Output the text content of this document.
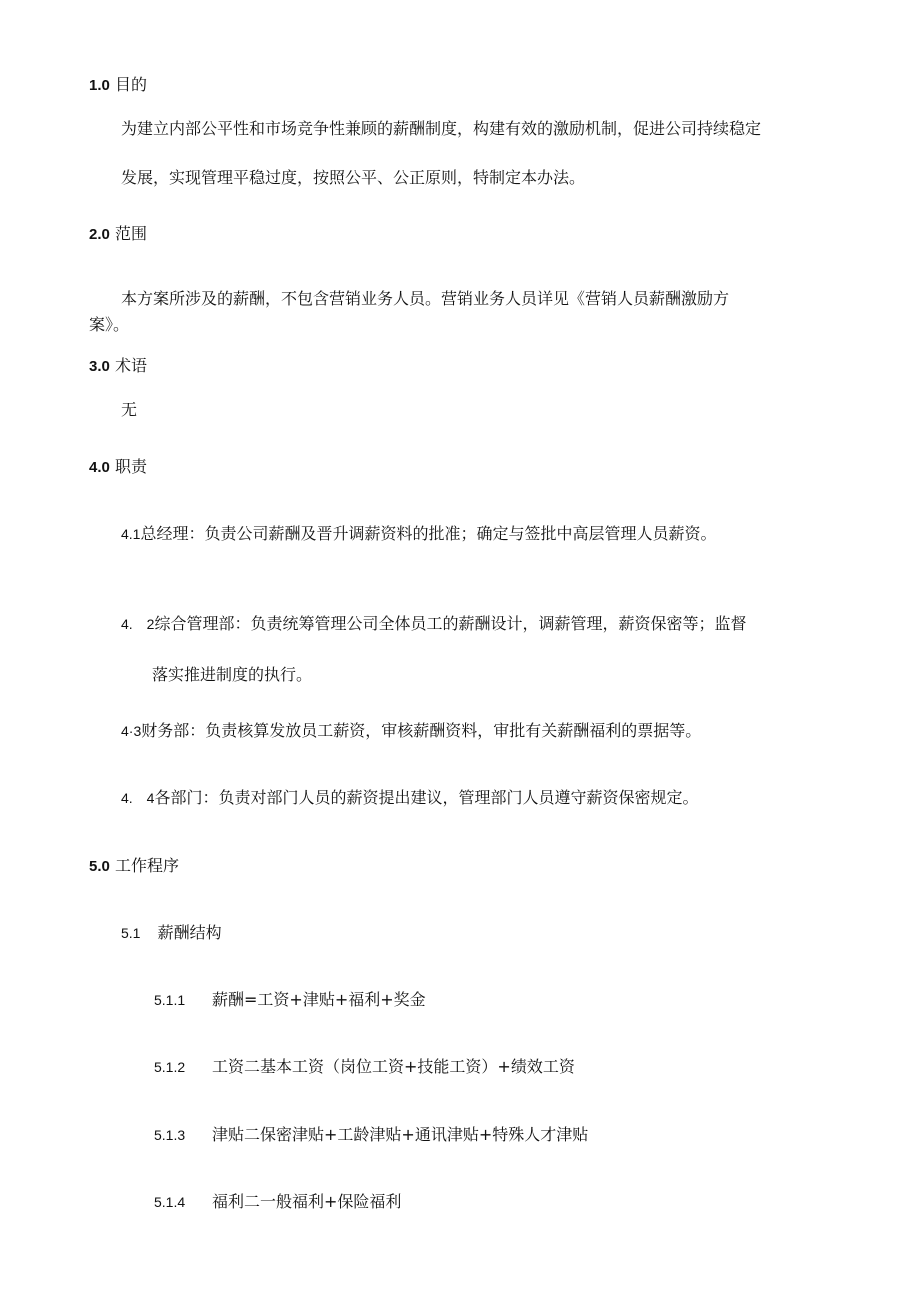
1.0 目的
为建立内部公平性和市场竞争性兼顾的薪酬制度，构建有效的激励机制，促进公司持续稳定
发展，实现管理平稳过度，按照公平、公正原则，特制定本办法。
2.0 范围
本方案所涉及的薪酬，不包含营销业务人员。营销业务人员详见《营销人员薪酬激励方
案》。
3.0 术语
无
4.0 职责
4.1总经理：负责公司薪酬及晋升调薪资料的批准；确定与签批中高层管理人员薪资。
4.　2综合管理部：负责统筹管理公司全体员工的薪酬设计，调薪管理，薪资保密等；监督
落实推进制度的执行。
4·3财务部：负责核算发放员工薪资，审核薪酬资料，审批有关薪酬福利的票据等。
4.　4各部门：负责对部门人员的薪资提出建议，管理部门人员遵守薪资保密规定。
5.0 工作程序
5.1 薪酬结构
5.1.1 薪酬=工资+津贴+福利+奖金
5.1.2 工资二基本工资（岗位工资+技能工资）+绩效工资
5.1.3 津贴二保密津贴+工龄津贴+通讯津贴+特殊人才津贴
5.1.4 福利二一般福利+保险福利
